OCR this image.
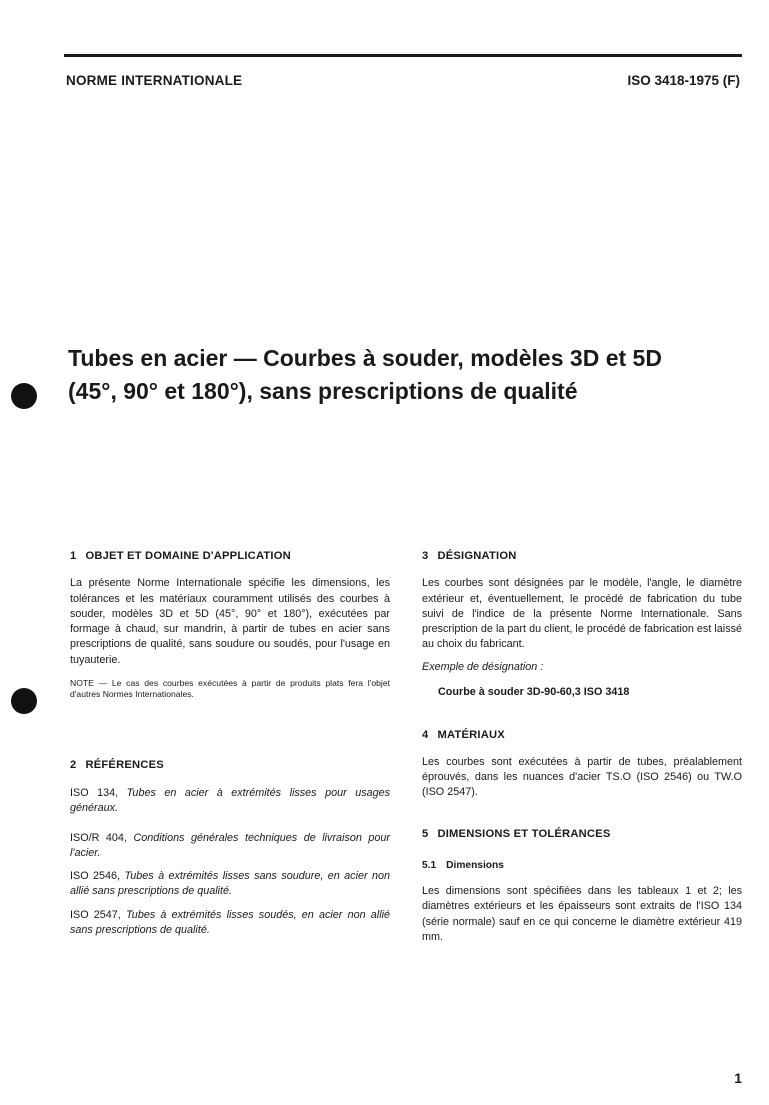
NORME INTERNATIONALE	ISO 3418-1975 (F)
Tubes en acier — Courbes à souder, modèles 3D et 5D
(45°, 90° et 180°), sans prescriptions de qualité
1 OBJET ET DOMAINE D'APPLICATION

La présente Norme Internationale spécifie les dimensions, les tolérances et les matériaux couramment utilisés des courbes à souder, modèles 3D et 5D (45°, 90° et 180°), exécutées par formage à chaud, sur mandrin, à partir de tubes en acier sans prescriptions de qualité, sans soudure ou soudés, pour l'usage en tuyauterie.

NOTE — Le cas des courbes exécutées à partir de produits plats fera l'objet d'autres Normes Internationales.

2 RÉFÉRENCES

ISO 134, Tubes en acier à extrémités lisses pour usages généraux.

ISO/R 404, Conditions générales techniques de livraison pour l'acier.

ISO 2546, Tubes à extrémités lisses sans soudure, en acier non allié sans prescriptions de qualité.

ISO 2547, Tubes à extrémités lisses soudés, en acier non allié sans prescriptions de qualité.

3 DÉSIGNATION

Les courbes sont désignées par le modèle, l'angle, le diamètre extérieur et, éventuellement, le procédé de fabrication du tube suivi de l'indice de la présente Norme Internationale. Sans prescription de la part du client, le procédé de fabrication est laissé au choix du fabricant.

Exemple de désignation :

Courbe à souder 3D-90-60,3 ISO 3418

4 MATÉRIAUX

Les courbes sont exécutées à partir de tubes, préalablement éprouvés, dans les nuances d'acier TS.O (ISO 2546) ou TW.O (ISO 2547).

5 DIMENSIONS ET TOLÉRANCES
5.1 Dimensions

Les dimensions sont spécifiées dans les tableaux 1 et 2; les diamètres extérieurs et les épaisseurs sont extraits de l'ISO 134 (série normale) sauf en ce qui concerne le diamètre extérieur 419 mm.

1
